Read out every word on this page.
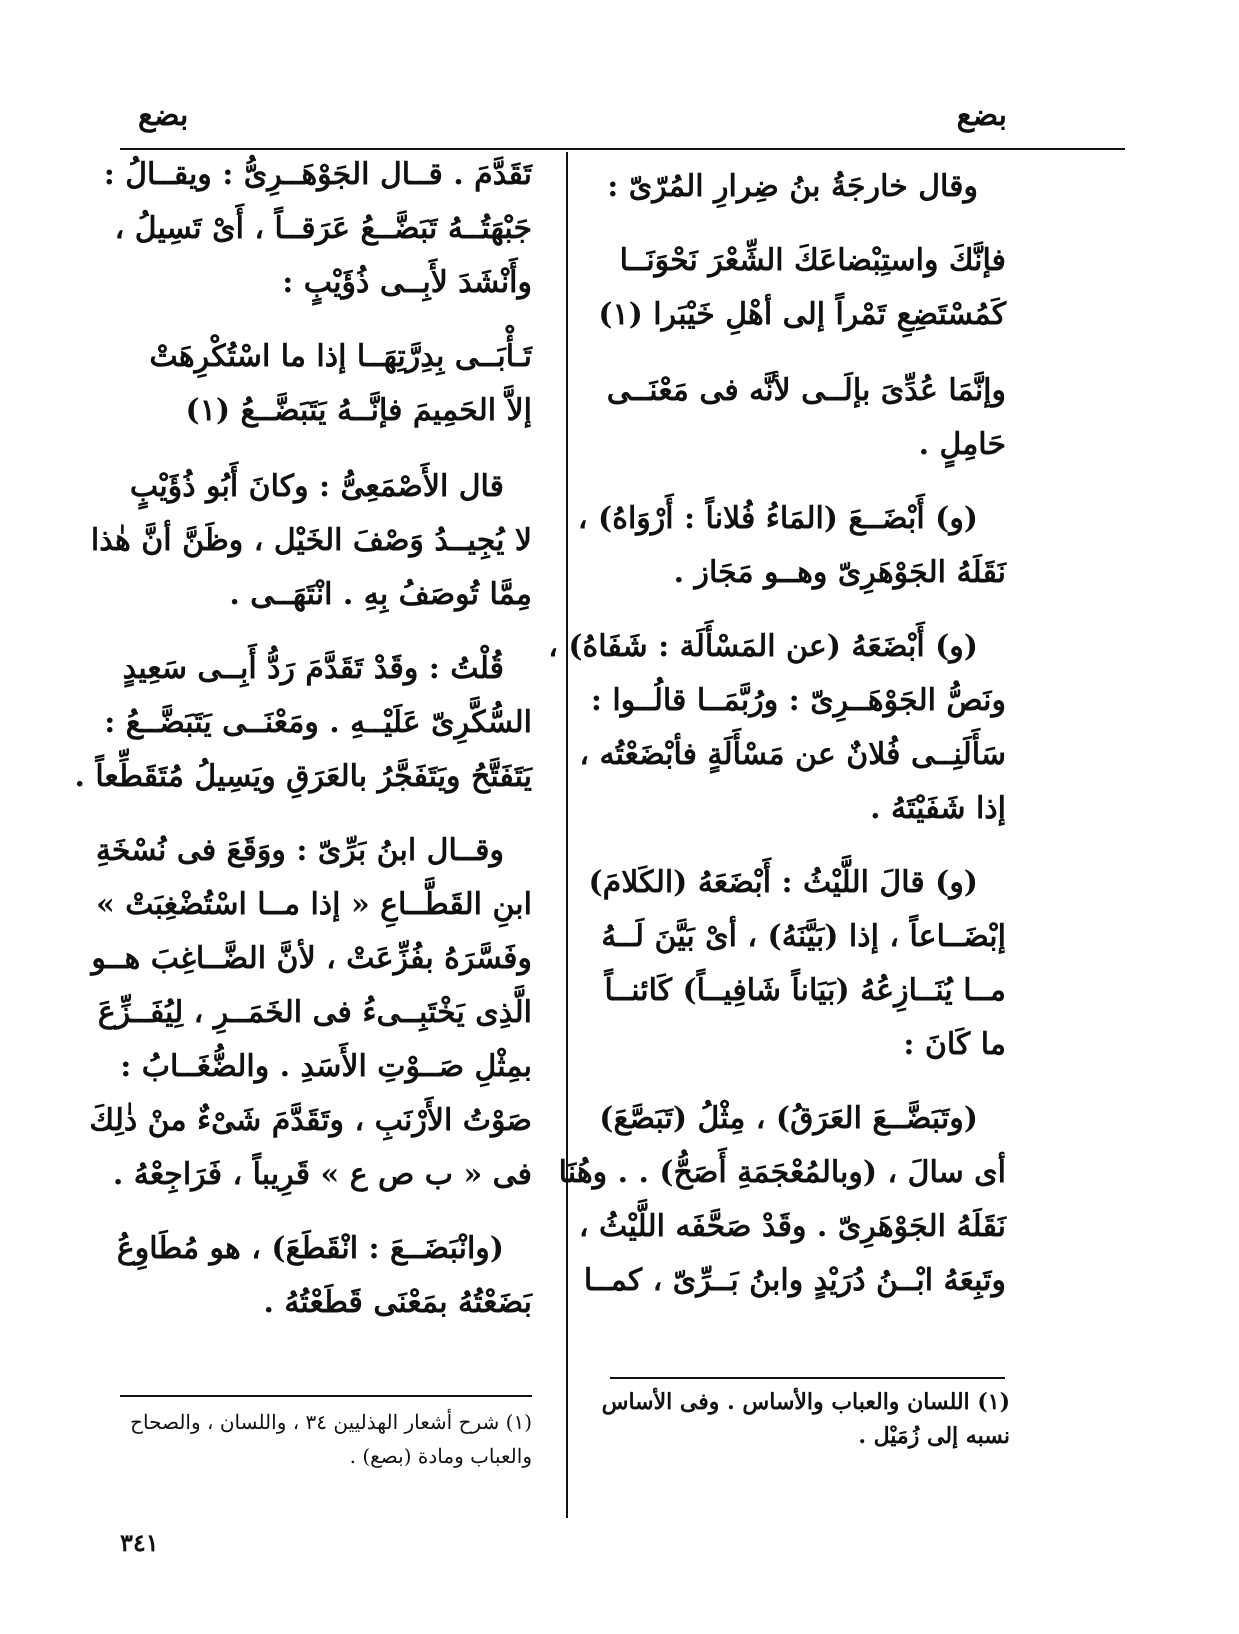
بضع
بضع
وقال خارجَةُ بنُ ضِرارِ المُرّىّ :
فإنَّكَ واستِبْضاعَكَ الشِّعْرَ نَحْوَنَــا
كَمُسْتَضِعِ تَمْراً إلى أهْلِ خَيْبَرا (١)
وإنَّمَا عُدِّىَ بإلَــى لأنَّه فى مَعْنَــى
حَامِلٍ .
(و) أَبْضَــعَ (المَاءُ فُلاناً : أَرْوَاهُ) ،
نَقَلَهُ الجَوْهَرِىّ وهــو مَجَاز .
(و) أَبْضَعَهُ (عن المَسْأَلَة : شَفَاهُ) ،
ونَصُّ الجَوْهَــرِىّ : ورُبَّمَــا قالُــوا :
سَأَلَنِــى فُلانٌ عن مَسْأَلَةٍ فأبْضَعْتُه ،
إذا شَفَيْتَهُ .
(و) قالَ اللَّيْثُ : أَبْضَعَهُ (الكَلامَ)
إبْضَــاعاً ، إذا (بَيَّنَهُ) ، أىْ بَيَّنَ لَــهُ
مــا يُنَــازِعُهُ (بَيَاناً شَافِيــاً) كَائنــاً
ما كَانَ :
(وتَبَضَّــعَ العَرَقُ) ، مِثْلُ (تَبَصَّعَ)
أى سالَ ، (وبالمُعْجَمَةِ أَصَحُّ) . . وهُنَا
نَقَلَهُ الجَوْهَرِىّ . وقَدْ صَحَّفَه اللَّيْثُ ،
وتَبِعَهُ ابْــنُ دُرَيْدٍ وابنُ بَــرِّىّ ، كمــا
تَقَدَّمَ . قــال الجَوْهَــرِىُّ : ويقــالُ :
جَبْهَتُــهُ تَبَضَّــعُ عَرَقــاً ، أَىْ تَسِيلُ ،
وأَنْشَدَ لأَبِــى ذُؤَيْبٍ :
تَـأْبَــى بِدِرَّتِهَــا إذا ما اسْتُكْرِهَتْ
إلاَّ الحَمِيمَ فإنَّــهُ يَتَبَضَّــعُ (١)
قال الأَصْمَعِىُّ : وكانَ أَبُو ذُؤَيْبٍ
لا يُجِيــدُ وَصْفَ الخَيْل ، وظَنَّ أنَّ هٰذا
مِمَّا تُوصَفُ بِهِ . انْتَهَــى .
قُلْتُ : وقَدْ تَقَدَّمَ رَدُّ أَبِــى سَعِيدٍ
السُّكَّرِىّ عَلَيْــهِ . ومَعْنَــى يَتَبَضَّــعُ :
يَتَفَتَّحُ ويَتَفَجَّرُ بالعَرَقِ ويَسِيلُ مُتَقَطِّعاً .
وقــال ابنُ بَرِّىّ : ووَقَعَ فى نُسْخَةِ
ابنِ القَطَّــاعِ « إذا مــا اسْتُضْغِبَتْ »
وفَسَّرَهُ بفُزِّعَتْ ، لأنَّ الضَّــاغِبَ هــو
الَّذِى يَخْتَبِــىءُ فى الخَمَــرِ ، لِيُفَــزِّعَ
بمِثْلِ صَــوْتِ الأَسَدِ . والضُّغَــابُ :
صَوْتُ الأَرْنَبِ ، وتَقَدَّمَ شَىْءٌ منْ ذٰلِكَ
فى « ب ص ع » قَرِيباً ، فَرَاجِعْهُ .
(وانْبَضَــعَ : انْقَطَعَ) ، هو مُطَاوِعُ
بَضَعْتُهُ بمَعْنَى قَطَعْتُهُ .
(١) اللسان والعباب والأساس . وفى الأساس
نسبه إلى زُمَيْل .
(١) شرح أشعار الهذليين ٣٤ ، واللسان ، والصحاح
والعباب ومادة (بصع) .
٣٤١
